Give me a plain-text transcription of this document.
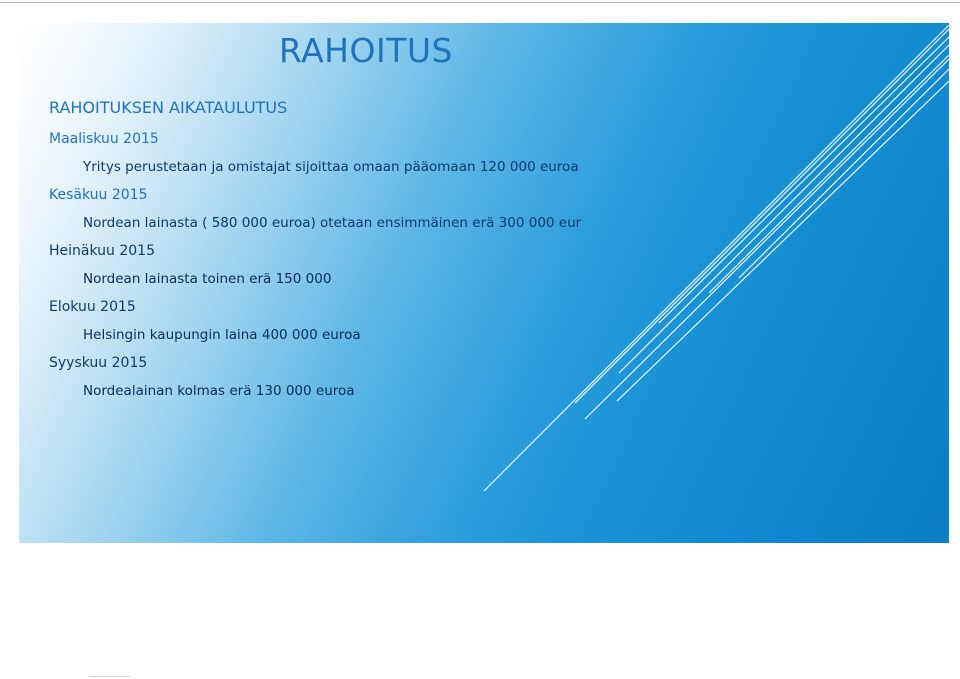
RAHOITUS
RAHOITUKSEN AIKATAULUTUS
Maaliskuu 2015
Yritys perustetaan ja omistajat sijoittaa omaan pääomaan 120 000 euroa
Kesäkuu 2015
Nordean lainasta ( 580 000 euroa) otetaan ensimmäinen erä 300 000 eur
Heinäkuu 2015
Nordean lainasta toinen erä 150 000
Elokuu 2015
Helsingin kaupungin laina 400 000 euroa
Syyskuu 2015
Nordealainan kolmas erä 130 000 euroa
